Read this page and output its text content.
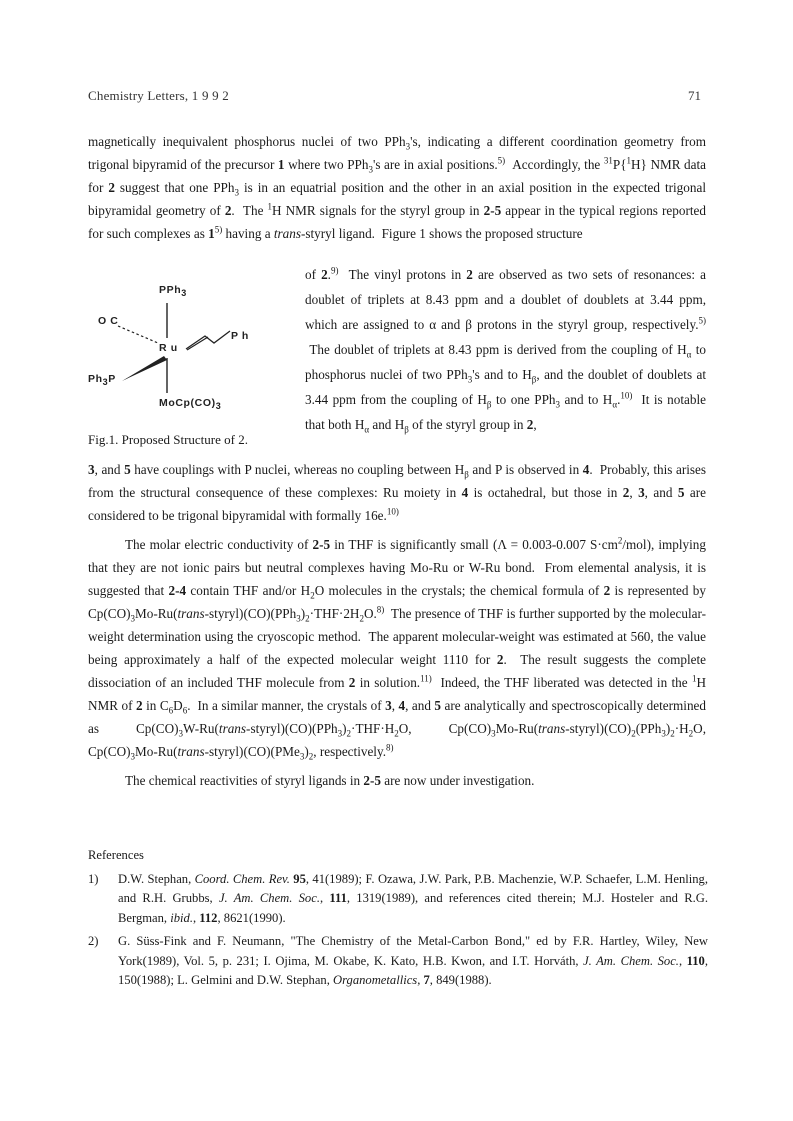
Chemistry Letters, 1 9 9 2	71

magnetically inequivalent phosphorus nuclei of two PPh$_3$'s, indicating a different coordination geometry from trigonal bipyramid of the precursor 1 where two PPh$_3$'s are in axial positions.$^{5)}$  Accordingly, the $^{31}$P{$^1$H} NMR data for 2 suggest that one PPh$_3$ is in an equatrial position and the other in an axial position in the expected trigonal bipyramidal geometry of 2.  The $^1$H NMR signals for the styryl group in 2-5 appear in the typical regions reported for such complexes as 1$^{5)}$ having a trans-styryl ligand.  Figure 1 shows the proposed structure

PPh$_3$
O C
R u
P h
$Ph_3P$
$MoCp(CO)_3$
Fig.1. Proposed Structure of 2.

of 2.$^{9)}$  The vinyl protons in 2 are observed as two sets of resonances: a doublet of triplets at 8.43 ppm and a doublet of doublets at 3.44 ppm, which are assigned to α and β protons in the styryl group, respectively.$^{5)}$  The doublet of triplets at 8.43 ppm is derived from the coupling of $H_\alpha$ to phosphorus nuclei of two PPh$_3$'s and to $H_\beta$, and the doublet of doublets at 3.44 ppm from the coupling of $H_\beta$ to one PPh$_3$ and to $H_\alpha.^{10)}$  It is notable that both $H_\alpha$ and $H_\beta$ of the styryl group in 2,

3, and 5 have couplings with P nuclei, whereas no coupling between $H_\beta$ and P is observed in 4.  Probably, this arises from the structural consequence of these complexes: Ru moiety in 4 is octahedral, but those in 2, 3, and 5 are considered to be trigonal bipyramidal with formally 16e.$^{10)}$

The molar electric conductivity of 2-5 in THF is significantly small (Λ = 0.003-0.007 $S\cdot cm^2/mol$), implying that they are not ionic pairs but neutral complexes having Mo-Ru or W-Ru bond.  From elemental analysis, it is suggested that 2-4 contain THF and/or $H_2O$ molecules in the crystals; the chemical formula of 2 is represented by $Cp(CO)_3Mo-Ru(trans-styryl)(CO)(PPh_3)_2\cdot THF\cdot 2H_2O.^{8)}$  The presence of THF is further supported by the molecular-weight determination using the cryoscopic method.  The apparent molecular-weight was estimated at 560, the value being approximately a half of the expected molecular weight 1110 for 2.  The result suggests the complete dissociation of an included THF molecule from 2 in solution.$^{11)}$  Indeed, the THF liberated was detected in the $^1$H NMR of 2 in $C_6D_6$.  In a similar manner, the crystals of 3, 4, and 5 are analytically and spectroscopically determined as $Cp(CO)_3W-Ru(trans-styryl)(CO)(PPh_3)_2\cdot THF\cdot H_2O$, $Cp(CO)_3Mo-Ru(trans-styryl)(CO)_2(PPh_3)_2\cdot H_2O$, $Cp(CO)_3Mo-Ru(trans-styryl)(CO)(PMe_3)_2$, respectively.$^{8)}$

The chemical reactivities of styryl ligands in 2-5 are now under investigation.

References
1) D.W. Stephan, Coord. Chem. Rev. 95, 41(1989); F. Ozawa, J.W. Park, P.B. Machenzie, W.P. Schaefer, L.M. Henling, and R.H. Grubbs, J. Am. Chem. Soc., 111, 1319(1989), and references cited therein; M.J. Hosteler and R.G. Bergman, ibid., 112, 8621(1990).
2) G. Süss-Fink and F. Neumann, "The Chemistry of the Metal-Carbon Bond," ed by F.R. Hartley, Wiley, New York(1989), Vol. 5, p. 231; I. Ojima, M. Okabe, K. Kato, H.B. Kwon, and I.T. Horváth, J. Am. Chem. Soc., 110, 150(1988); L. Gelmini and D.W. Stephan, Organometallics, 7, 849(1988).
